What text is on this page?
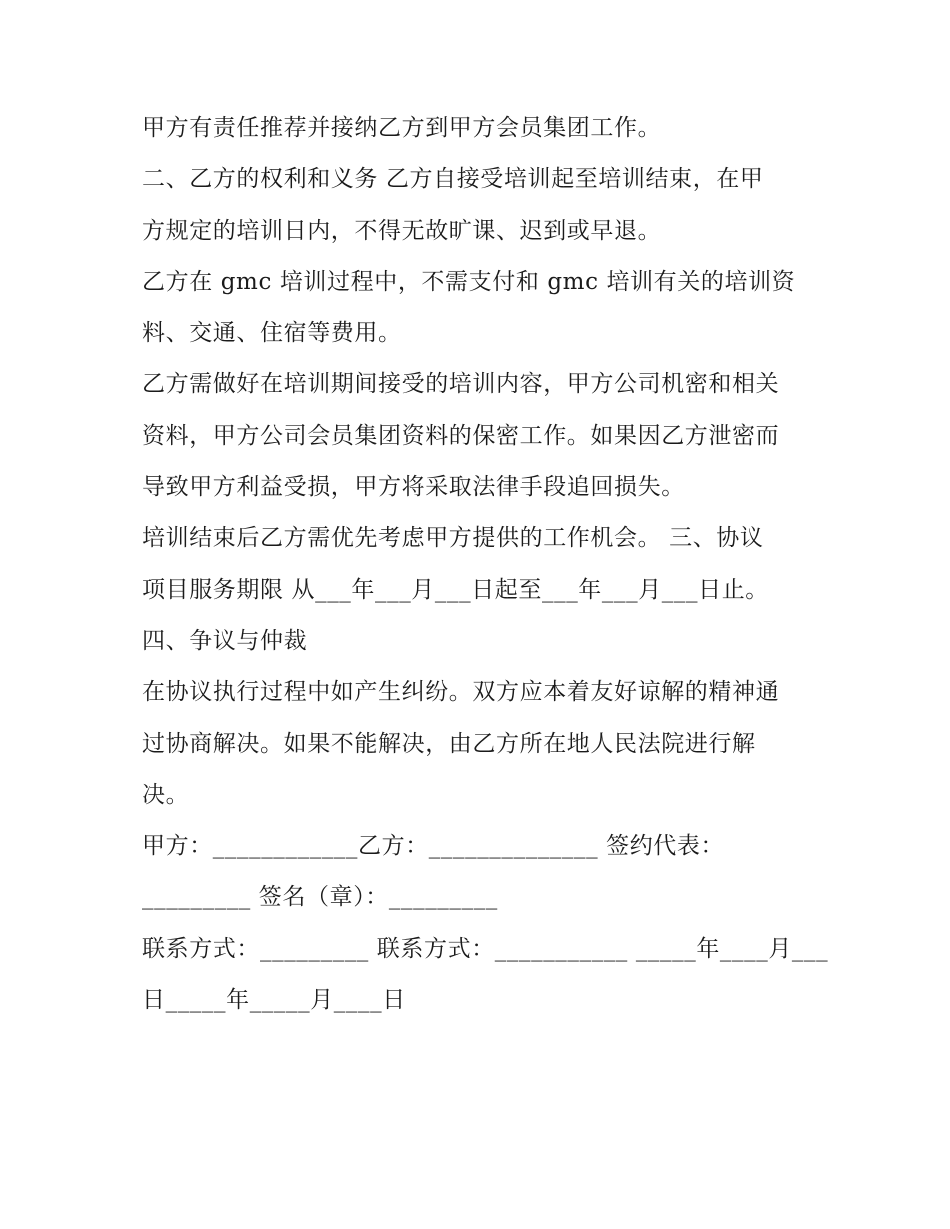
甲方有责任推荐并接纳乙方到甲方会员集团工作。

二、乙方的权利和义务 乙方自接受培训起至培训结束，在甲

方规定的培训日内，不得无故旷课、迟到或早退。

乙方在 gmc 培训过程中，不需支付和 gmc 培训有关的培训资

料、交通、住宿等费用。

乙方需做好在培训期间接受的培训内容，甲方公司机密和相关

资料，甲方公司会员集团资料的保密工作。如果因乙方泄密而

导致甲方利益受损，甲方将采取法律手段追回损失。

培训结束后乙方需优先考虑甲方提供的工作机会。 三、协议

项目服务期限 从___年___月___日起至___年___月___日止。

四、争议与仲裁

在协议执行过程中如产生纠纷。双方应本着友好谅解的精神通

过协商解决。如果不能解决，由乙方所在地人民法院进行解

决。

甲方：____________乙方：______________ 签约代表：

_________ 签名（章）：_________

联系方式：_________ 联系方式：___________ _____年____月___

日_____年_____月____日
